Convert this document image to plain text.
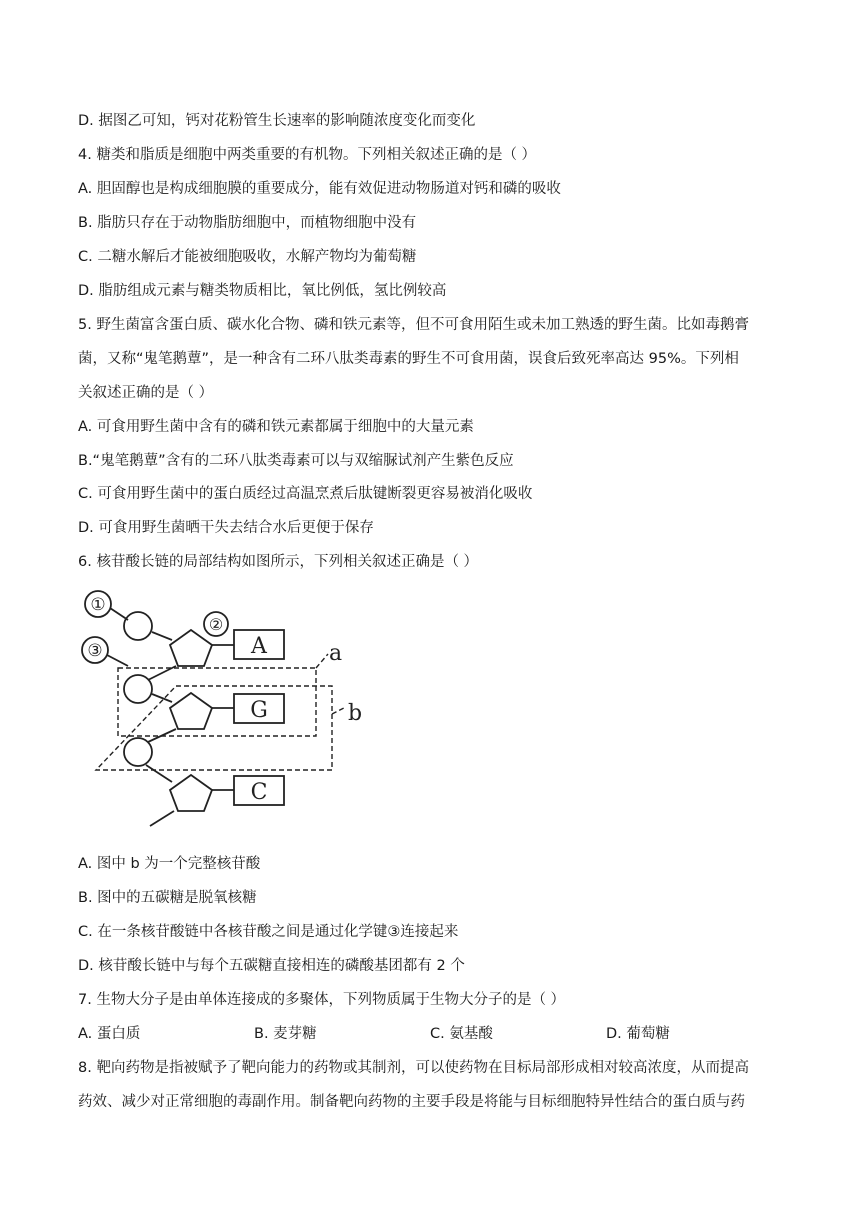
D. 据图乙可知，钙对花粉管生长速率的影响随浓度变化而变化
4. 糖类和脂质是细胞中两类重要的有机物。下列相关叙述正确的是（ ）
A. 胆固醇也是构成细胞膜的重要成分，能有效促进动物肠道对钙和磷的吸收
B. 脂肪只存在于动物脂肪细胞中，而植物细胞中没有
C. 二糖水解后才能被细胞吸收，水解产物均为葡萄糖
D. 脂肪组成元素与糖类物质相比，氧比例低，氢比例较高
5. 野生菌富含蛋白质、碳水化合物、磷和铁元素等，但不可食用陌生或未加工熟透的野生菌。比如毒鹅膏
菌，又称“鬼笔鹅蕈”，是一种含有二环八肽类毒素的野生不可食用菌，误食后致死率高达 95%。下列相
关叙述正确的是（ ）
A. 可食用野生菌中含有的磷和铁元素都属于细胞中的大量元素
B.“鬼笔鹅蕈”含有的二环八肽类毒素可以与双缩脲试剂产生紫色反应
C. 可食用野生菌中的蛋白质经过高温烹煮后肽键断裂更容易被消化吸收
D. 可食用野生菌晒干失去结合水后更便于保存
6. 核苷酸长链的局部结构如图所示，下列相关叙述正确是（ ）
①
②
③	A
G
C
a
b
A. 图中 b 为一个完整核苷酸
B. 图中的五碳糖是脱氧核糖
C. 在一条核苷酸链中各核苷酸之间是通过化学键③连接起来
D. 核苷酸长链中与每个五碳糖直接相连的磷酸基团都有 2 个
7. 生物大分子是由单体连接成的多聚体，下列物质属于生物大分子的是（ ）
A. 蛋白质	B. 麦芽糖	C. 氨基酸	D. 葡萄糖
8. 靶向药物是指被赋予了靶向能力的药物或其制剂，可以使药物在目标局部形成相对较高浓度，从而提高
药效、减少对正常细胞的毒副作用。制备靶向药物的主要手段是将能与目标细胞特异性结合的蛋白质与药
